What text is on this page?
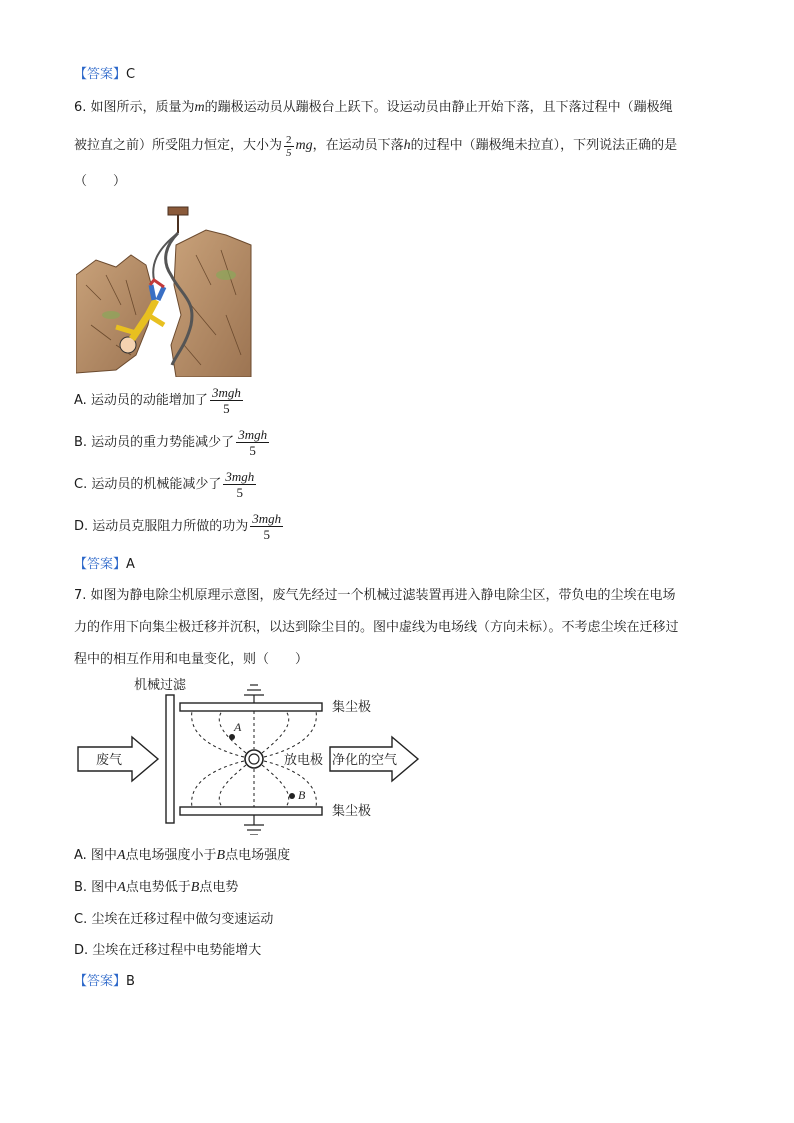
【答案】C
6. 如图所示，质量为m的蹦极运动员从蹦极台上跃下。设运动员由静止开始下落，且下落过程中（蹦极绳
被拉直之前）所受阻力恒定，大小为 $\frac{2}{5}$ mg ，在运动员下落 h 的过程中（蹦极绳未拉直），下列说法正确的是
（　　）
A. 运动员的动能增加了 $\frac{\text{3mgh}}{5}$
B. 运动员的重力势能减少了 $\frac{\text{3mgh}}{5}$
C. 运动员的机械能减少了 $\frac{\text{3mgh}}{5}$
D. 运动员克服阻力所做的功为 $\frac{\text{3mgh}}{5}$
【答案】A
7. 如图为静电除尘机原理示意图，废气先经过一个机械过滤装置再进入静电除尘区，带负电的尘埃在电场
力的作用下向集尘极迁移并沉积，以达到除尘目的。图中虚线为电场线（方向未标）。不考虑尘埃在迁移过
程中的相互作用和电量变化，则（　　）
机械过滤
集尘极
集尘极
放电极
A
B
废气	净化的空气
A. 图中A点电场强度小于B点电场强度
B. 图中A点电势低于B点电势
C. 尘埃在迁移过程中做匀变速运动
D. 尘埃在迁移过程中电势能增大
【答案】B
